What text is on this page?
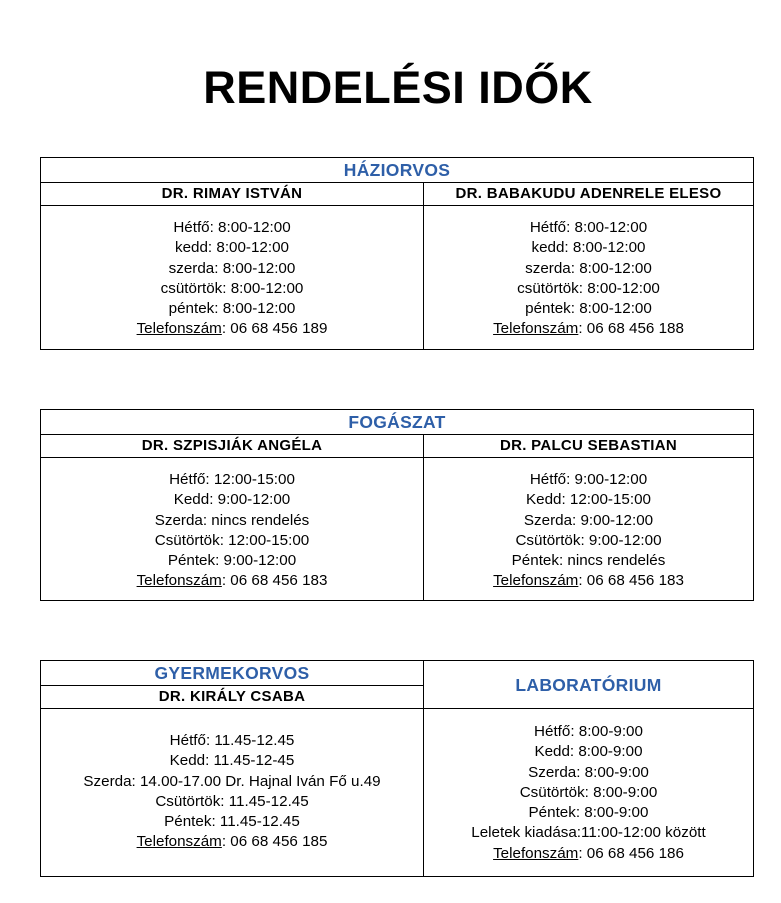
RENDELÉSI IDŐK
HÁZIORVOS
DR. RIMAY ISTVÁN	DR. BABAKUDU ADENRELE ELESO
Hétfő: 8:00-12:00
kedd: 8:00-12:00
szerda: 8:00-12:00
csütörtök: 8:00-12:00
péntek: 8:00-12:00
Telefonszám: 06 68 456 189
Hétfő: 8:00-12:00
kedd: 8:00-12:00
szerda: 8:00-12:00
csütörtök: 8:00-12:00
péntek: 8:00-12:00
Telefonszám: 06 68 456 188
FOGÁSZAT
DR. SZPISJIÁK ANGÉLA	DR. PALCU SEBASTIAN
Hétfő: 12:00-15:00
Kedd: 9:00-12:00
Szerda: nincs rendelés
Csütörtök: 12:00-15:00
Péntek: 9:00-12:00
Telefonszám: 06 68 456 183
Hétfő: 9:00-12:00
Kedd: 12:00-15:00
Szerda: 9:00-12:00
Csütörtök: 9:00-12:00
Péntek: nincs rendelés
Telefonszám: 06 68 456 183
GYERMEKORVOS
DR. KIRÁLY CSABA
Hétfő: 11.45-12.45
Kedd: 11.45-12-45
Szerda: 14.00-17.00 Dr. Hajnal Iván Fő u.49
Csütörtök: 11.45-12.45
Péntek: 11.45-12.45
Telefonszám: 06 68 456 185
LABORATÓRIUM
Hétfő: 8:00-9:00
Kedd: 8:00-9:00
Szerda: 8:00-9:00
Csütörtök: 8:00-9:00
Péntek: 8:00-9:00
Leletek kiadása:11:00-12:00 között
Telefonszám: 06 68 456 186
